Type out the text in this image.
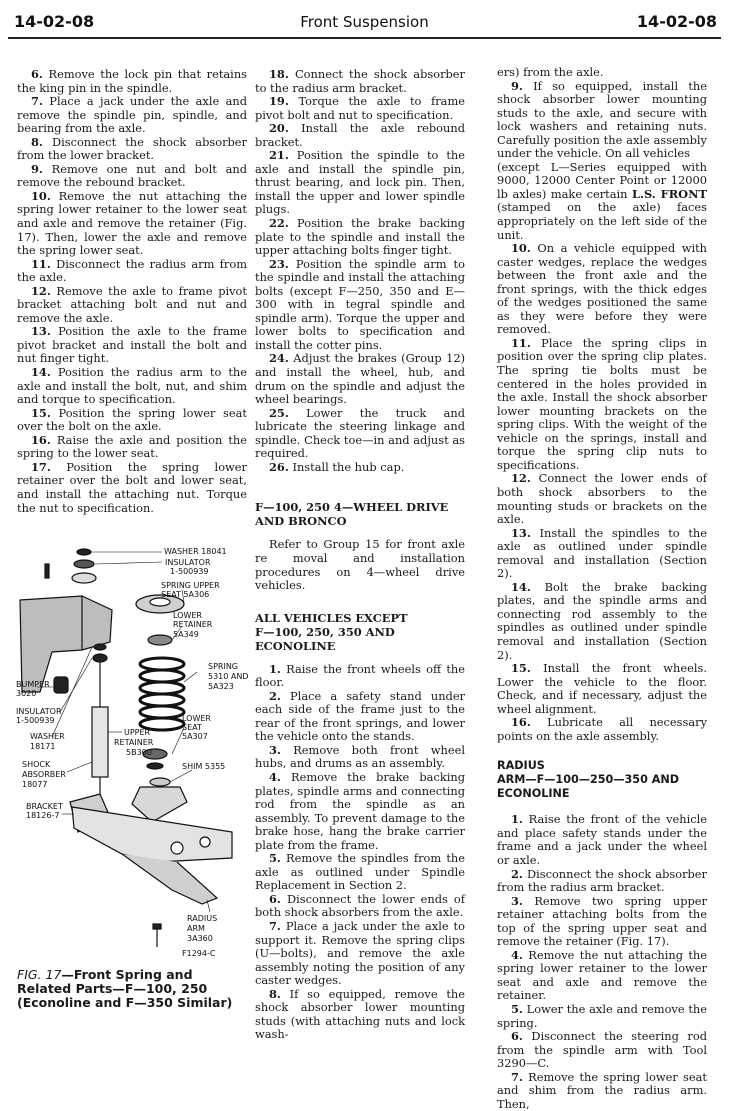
14-02-08	Front Suspension	14-02-08

6. Remove the lock pin that retains the king pin in the spindle.

7. Place a jack under the axle and remove the spindle pin, spindle, and bearing from the axle.

8. Disconnect the shock absorber from the lower bracket.

9. Remove one nut and bolt and remove the rebound bracket.

10. Remove the nut attaching the spring lower retainer to the lower seat and axle and remove the retainer (Fig. 17). Then, lower the axle and remove the spring lower seat.

11. Disconnect the radius arm from the axle.

12. Remove the axle to frame pivot bracket attaching bolt and nut and remove the axle.

13. Position the axle to the frame pivot bracket and install the bolt and nut finger tight.

14. Position the radius arm to the axle and install the bolt, nut, and shim and torque to specification.

15. Position the spring lower seat over the bolt on the axle.

16. Raise the axle and position the spring to the lower seat.

17. Position the spring lower retainer over the bolt and lower seat, and install the attaching nut. Torque the nut to specification.

WASHER 18041
INSULATOR
1-500939
SPRING UPPER
SEAT 5A306
LOWER
RETAINER
5A349
SPRING
5310 AND
5A323
BUMPER
3020
INSULATOR
1-500939
WASHER
18171
UPPER
RETAINER
5B300
LOWER
SEAT
5A307
SHOCK
ABSORBER
18077
SHIM 5355
BRACKET
18126-7
RADIUS
ARM
3A360
F1294-C
FIG. 17—Front Spring and
Related Parts—F—100, 250
(Econoline and F—350 Similar)

18. Connect the shock absorber to the radius arm bracket.

19. Torque the axle to frame pivot bolt and nut to specification.

20. Install the axle rebound bracket.

21. Position the spindle to the axle and install the spindle pin, thrust bearing, and lock pin. Then, install the upper and lower spindle plugs.

22. Position the brake backing plate to the spindle and install the upper attaching bolts finger tight.

23. Position the spindle arm to the spindle and install the attaching bolts (except F—250, 350 and E—300 with in tegral spindle and spindle arm). Torque the upper and lower bolts to specification and install the cotter pins.

24. Adjust the brakes (Group 12) and install the wheel, hub, and drum on the spindle and adjust the wheel bearings.

25. Lower the truck and lubricate the steering linkage and spindle. Check toe—in and adjust as required.

26. Install the hub cap.

F—100, 250 4—WHEEL DRIVE
AND BRONCO

Refer to Group 15 for front axle re moval and installation procedures on 4—wheel drive vehicles.

ALL VEHICLES EXCEPT
F—100, 250, 350 AND
ECONOLINE

1. Raise the front wheels off the floor.

2. Place a safety stand under each side of the frame just to the rear of the front springs, and lower the vehicle onto the stands.

3. Remove both front wheel hubs, and drums as an assembly.

4. Remove the brake backing plates, spindle arms and connecting rod from the spindle as an assembly. To prevent damage to the brake hose, hang the brake carrier plate from the frame.

5. Remove the spindles from the axle as outlined under Spindle Replacement in Section 2.

6. Disconnect the lower ends of both shock absorbers from the axle.

7. Place a jack under the axle to support it. Remove the spring clips (U—bolts), and remove the axle assembly noting the position of any caster wedges.

8. If so equipped, remove the shock absorber lower mounting studs (with attaching nuts and lock wash-

ers) from the axle.

9. If so equipped, install the shock absorber lower mounting studs to the axle, and secure with lock washers and retaining nuts. Carefully position the axle assembly under the vehicle. On all vehicles

(except L—Series equipped with 9000, 12000 Center Point or 12000 lb axles) make certain L.S. FRONT (stamped on the axle) faces appropriately on the left side of the unit.

10. On a vehicle equipped with caster wedges, replace the wedges between the front axle and the front springs, with the thick edges of the wedges positioned the same as they were before they were removed.

11. Place the spring clips in position over the spring clip plates. The spring tie bolts must be centered in the holes provided in the axle. Install the shock absorber lower mounting brackets on the spring clips. With the weight of the vehicle on the springs, install and torque the spring clip nuts to specifications.

12. Connect the lower ends of both shock absorbers to the mounting studs or brackets on the axle.

13. Install the spindles to the axle as outlined under spindle removal and installation (Section 2).

14. Bolt the brake backing plates, and the spindle arms and connecting rod assembly to the spindles as outlined under spindle removal and installation (Section 2).

15. Install the front wheels. Lower the vehicle to the floor. Check, and if necessary, adjust the wheel alignment.

16. Lubricate all necessary points on the axle assembly.

RADIUS
ARM—F—100—250—350 AND
ECONOLINE

1. Raise the front of the vehicle and place safety stands under the frame and a jack under the wheel or axle.

2. Disconnect the shock absorber from the radius arm bracket.

3. Remove two spring upper retainer attaching bolts from the top of the spring upper seat and remove the retainer (Fig. 17).

4. Remove the nut attaching the spring lower retainer to the lower seat and axle and remove the retainer.

5. Lower the axle and remove the spring.

6. Disconnect the steering rod from the spindle arm with Tool 3290—C.

7. Remove the spring lower seat and shim from the radius arm. Then,
